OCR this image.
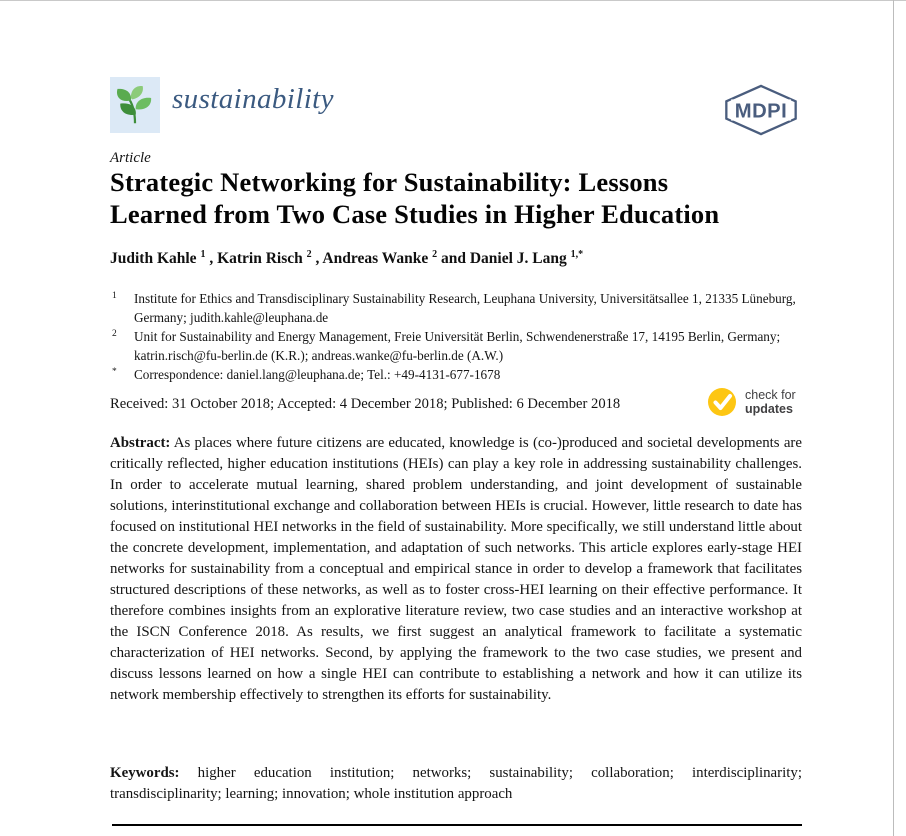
sustainability	MDPI
Article
Strategic Networking for Sustainability: Lessons
Learned from Two Case Studies in Higher Education
Judith Kahle $^1$ , Katrin Risch $^2$ , Andreas Wanke $^2$ and Daniel J. Lang $^{1,*}$
1	Institute for Ethics and Transdisciplinary Sustainability Research, Leuphana University, Universitätsallee 1, 21335 Lüneburg, Germany; judith.kahle@leuphana.de
2	Unit for Sustainability and Energy Management, Freie Universität Berlin, Schwendenerstraße 17, 14195 Berlin, Germany; katrin.risch@fu-berlin.de (K.R.); andreas.wanke@fu-berlin.de (A.W.)
*	Correspondence: daniel.lang@leuphana.de; Tel.: +49-4131-677-1678
Received: 31 October 2018; Accepted: 4 December 2018; Published: 6 December 2018
check for
updates

Abstract: As places where future citizens are educated, knowledge is (co-)produced and societal developments are critically reflected, higher education institutions (HEIs) can play a key role in addressing sustainability challenges. In order to accelerate mutual learning, shared problem understanding, and joint development of sustainable solutions, interinstitutional exchange and collaboration between HEIs is crucial. However, little research to date has focused on institutional HEI networks in the field of sustainability. More specifically, we still understand little about the concrete development, implementation, and adaptation of such networks. This article explores early-stage HEI networks for sustainability from a conceptual and empirical stance in order to develop a framework that facilitates structured descriptions of these networks, as well as to foster cross-HEI learning on their effective performance. It therefore combines insights from an explorative literature review, two case studies and an interactive workshop at the ISCN Conference 2018. As results, we first suggest an analytical framework to facilitate a systematic characterization of HEI networks. Second, by applying the framework to the two case studies, we present and discuss lessons learned on how a single HEI can contribute to establishing a network and how it can utilize its network membership effectively to strengthen its efforts for sustainability.

Keywords: higher education institution; networks; sustainability; collaboration; interdisciplinarity; transdisciplinarity; learning; innovation; whole institution approach
